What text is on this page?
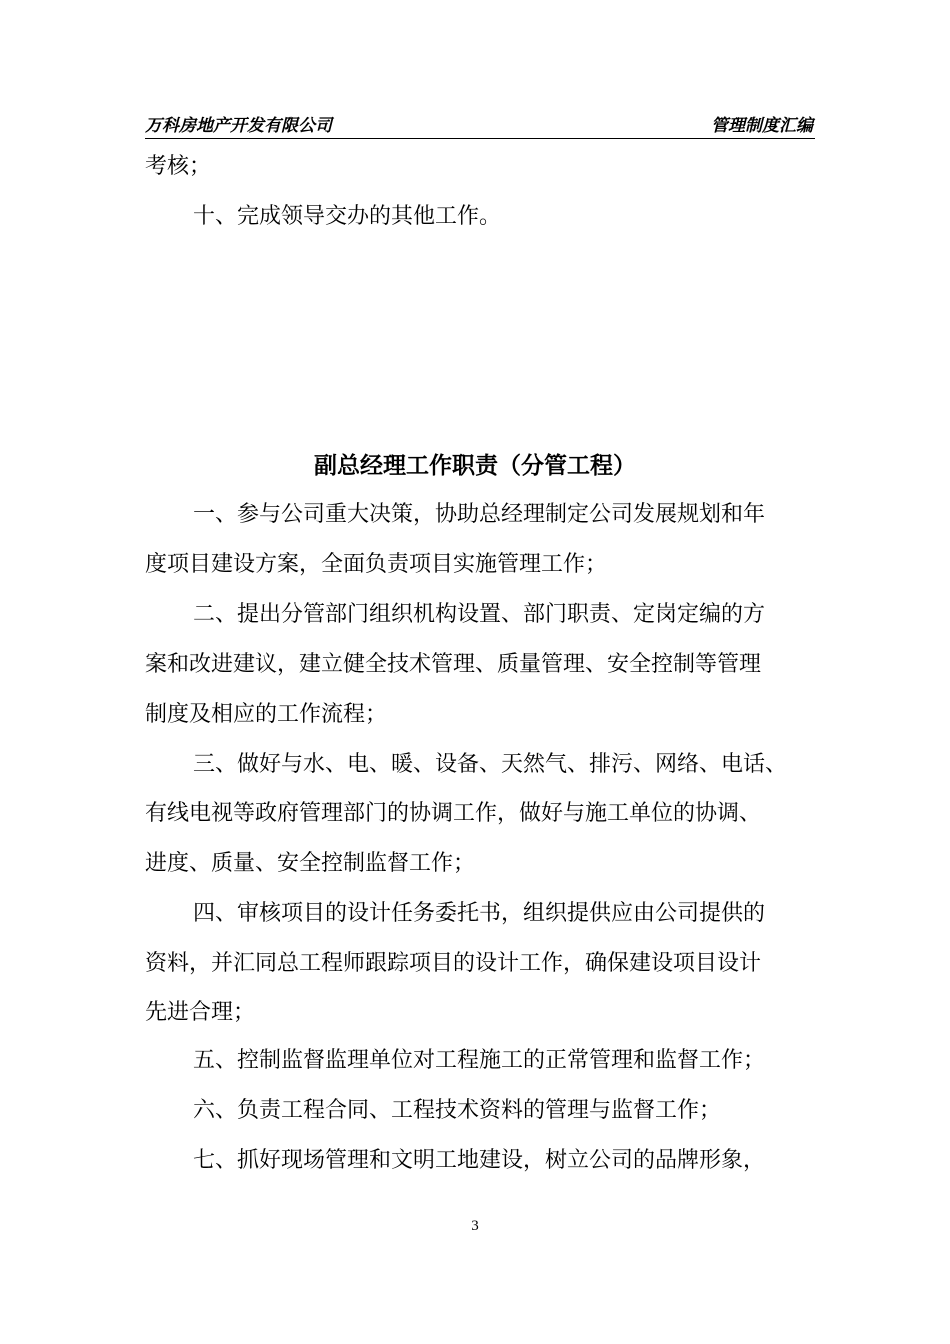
万科房地产开发有限公司	管理制度汇编
考核；
十、完成领导交办的其他工作。
副总经理工作职责（分管工程）
一、参与公司重大决策，协助总经理制定公司发展规划和年
度项目建设方案，全面负责项目实施管理工作；
二、提出分管部门组织机构设置、部门职责、定岗定编的方
案和改进建议，建立健全技术管理、质量管理、安全控制等管理
制度及相应的工作流程；
三、做好与水、电、暖、设备、天然气、排污、网络、电话、
有线电视等政府管理部门的协调工作，做好与施工单位的协调、
进度、质量、安全控制监督工作；
四、审核项目的设计任务委托书，组织提供应由公司提供的
资料，并汇同总工程师跟踪项目的设计工作，确保建设项目设计
先进合理；
五、控制监督监理单位对工程施工的正常管理和监督工作；
六、负责工程合同、工程技术资料的管理与监督工作；
七、抓好现场管理和文明工地建设，树立公司的品牌形象，
3
